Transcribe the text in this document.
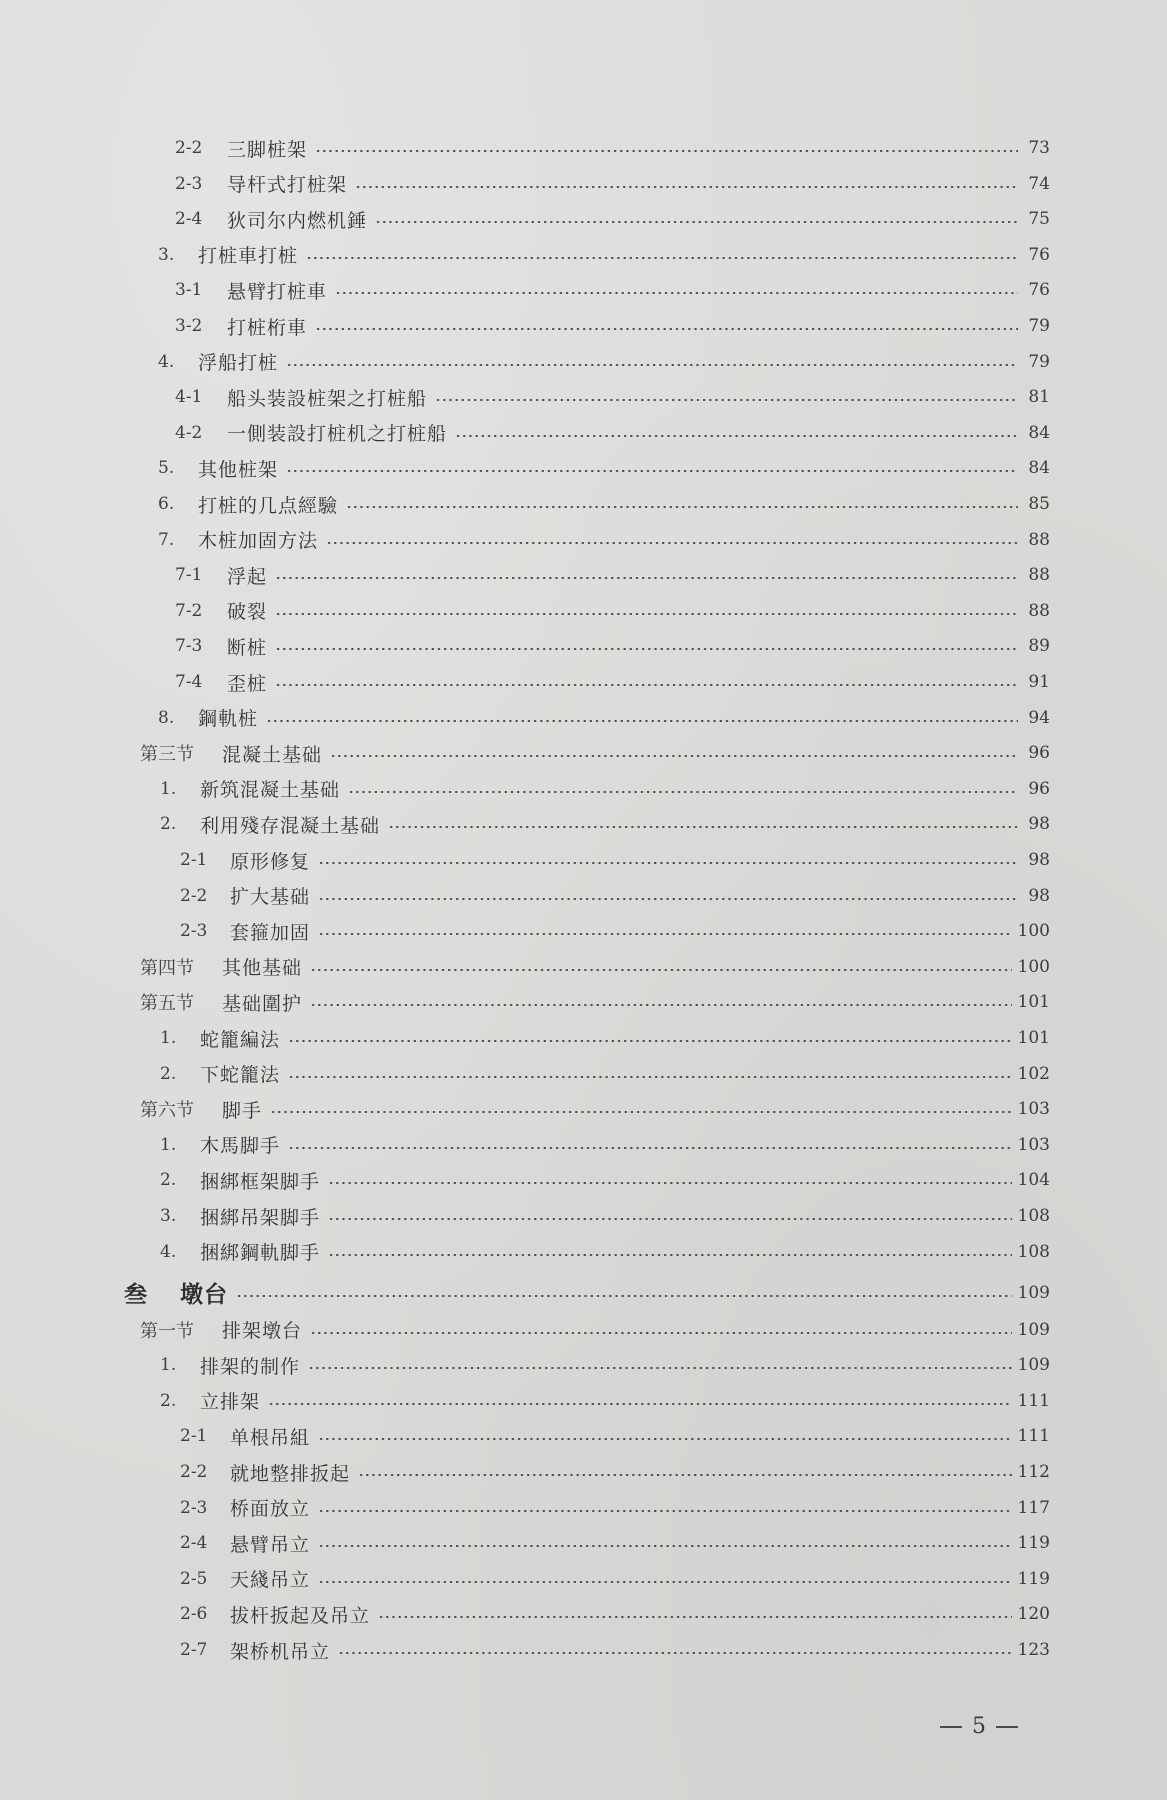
2-2	三脚桩架	73
2-3	导杆式打桩架	74
2-4	狄司尔内燃机錘	75
3.	打桩車打桩	76
3-1	悬臂打桩車	76
3-2	打桩桁車	79
4.	浮船打桩	79
4-1	船头装設桩架之打桩船	81
4-2	一側装設打桩机之打桩船	84
5.	其他桩架	84
6.	打桩的几点經驗	85
7.	木桩加固方法	88
7-1	浮起	88
7-2	破裂	88
7-3	断桩	89
7-4	歪桩	91
8.	鋼軌桩	94
第三节	混凝土基础	96
1.	新筑混凝土基础	96
2.	利用殘存混凝土基础	98
2-1	原形修复	98
2-2	扩大基础	98
2-3	套箍加固	100
第四节	其他基础	100
第五节	基础圍护	101
1.	蛇籠編法	101
2.	下蛇籠法	102
第六节	脚手	103
1.	木馬脚手	103
2.	捆綁框架脚手	104
3.	捆綁吊架脚手	108
4.	捆綁鋼軌脚手	108
叁	墩台	109
第一节	排架墩台	109
1.	排架的制作	109
2.	立排架	111
2-1	单根吊組	111
2-2	就地整排扳起	112
2-3	桥面放立	117
2-4	悬臂吊立	119
2-5	天綫吊立	119
2-6	拔杆扳起及吊立	120
2-7	架桥机吊立	123
5
